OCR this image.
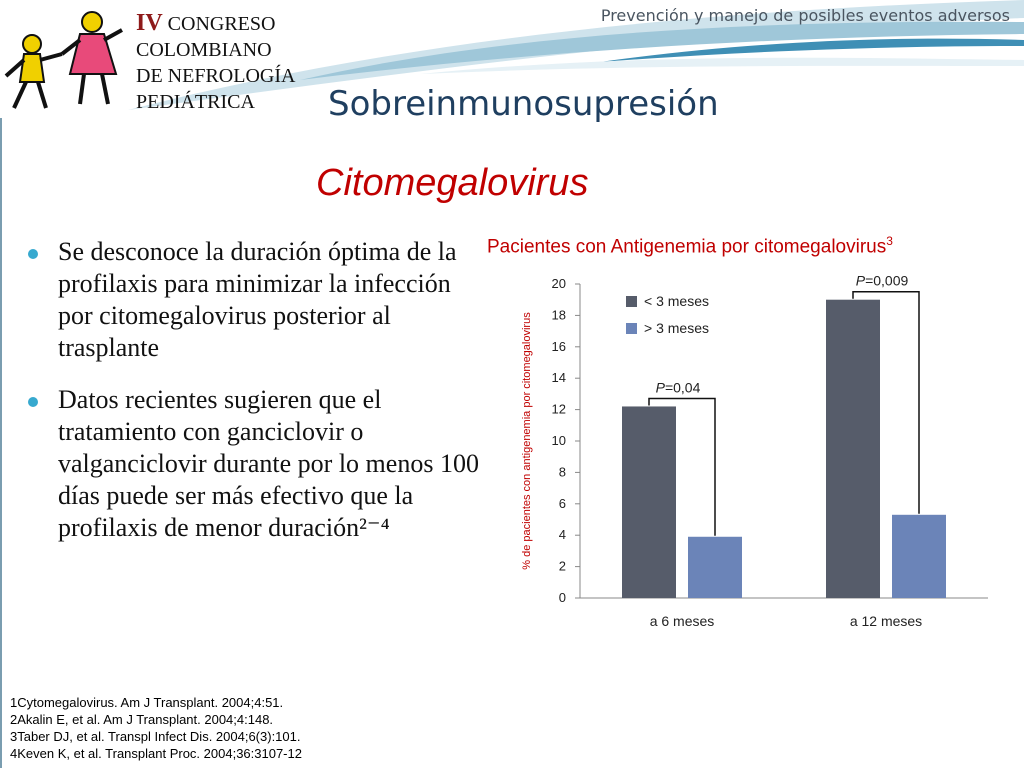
Prevención y manejo de posibles eventos adversos
IV CONGRESO
COLOMBIANO
DE NEFROLOGÍA
PEDIÁTRICA	Sobreinmunosupresión
Citomegalovirus
Se desconoce la duración óptima de la profilaxis para minimizar la infección por citomegalovirus posterior al trasplante
Datos recientes sugieren que el tratamiento con ganciclovir o valganciclovir durante por lo menos 100 días puede ser más efectivo que la profilaxis de menor duración²⁻⁴
Pacientes con Antigenemia por citomegalovirus$^3$
% de pacientes con antigenemia por citomegalovirus
0
2
4
6
8
10
12
14
16
18
20
a 6 meses	a 12 meses
P=0,04
P=0,009
< 3 meses
> 3 meses
1Cytomegalovirus. Am J Transplant. 2004;4:51.
2Akalin E, et al. Am J Transplant. 2004;4:148.
3Taber DJ, et al. Transpl Infect Dis. 2004;6(3):101.
4Keven K, et al. Transplant Proc. 2004;36:3107-12
